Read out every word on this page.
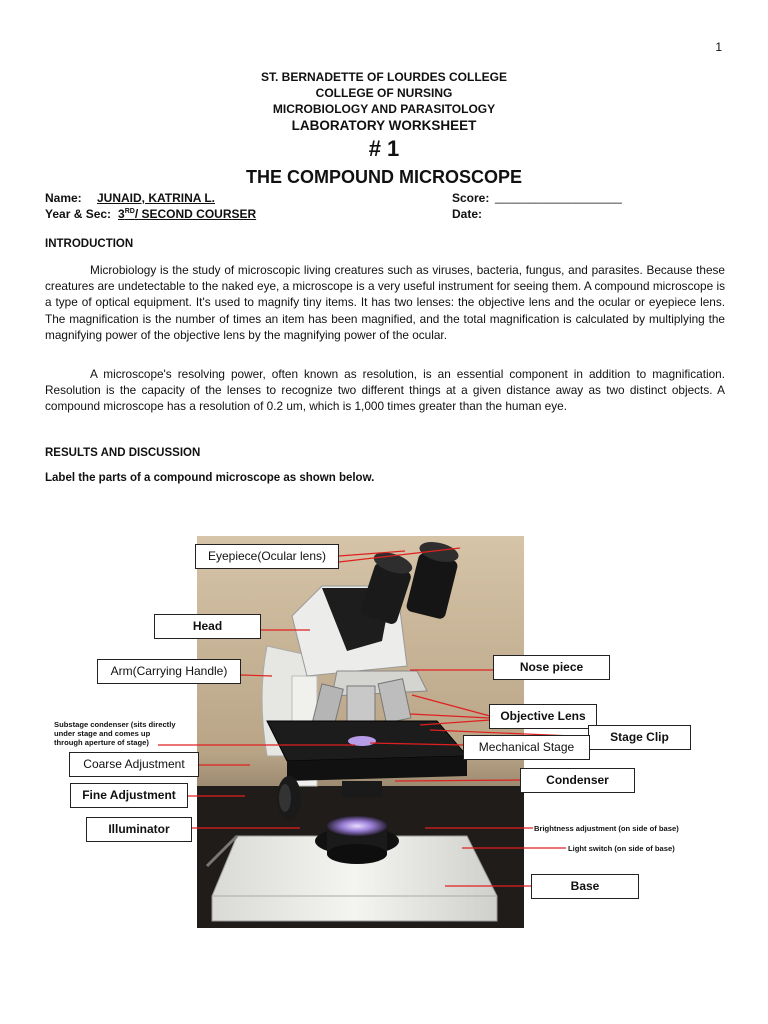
1
ST. BERNADETTE OF LOURDES COLLEGE
COLLEGE OF NURSING
MICROBIOLOGY AND PARASITOLOGY
LABORATORY WORKSHEET
# 1
THE COMPOUND MICROSCOPE
Name: JUNAID, KATRINA L.	Score: ___________________
Year & Sec: 3RD/ SECOND COURSER	Date:
INTRODUCTION
Microbiology is the study of microscopic living creatures such as viruses, bacteria, fungus, and parasites. Because these creatures are undetectable to the naked eye, a microscope is a very useful instrument for seeing them. A compound microscope is a type of optical equipment. It's used to magnify tiny items. It has two lenses: the objective lens and the ocular or eyepiece lens. The magnification is the number of times an item has been magnified, and the total magnification is calculated by multiplying the magnifying power of the objective lens by the magnifying power of the ocular.
A microscope's resolving power, often known as resolution, is an essential component in addition to magnification. Resolution is the capacity of the lenses to recognize two different things at a given distance away as two distinct objects. A compound microscope has a resolution of 0.2 um, which is 1,000 times greater than the human eye.
RESULTS AND DISCUSSION
Label the parts of a compound microscope as shown below.
Eyepiece(Ocular lens)
Head
Arm(Carrying Handle)	Nose piece
Objective Lens
Stage Clip
Mechanical Stage
Substage condenser (sits directly under stage and comes up through aperture of stage)
Coarse Adjustment
Fine Adjustment
Condenser
Illuminator	Brightness adjustment (on side of base)
Light switch (on side of base)
Base
